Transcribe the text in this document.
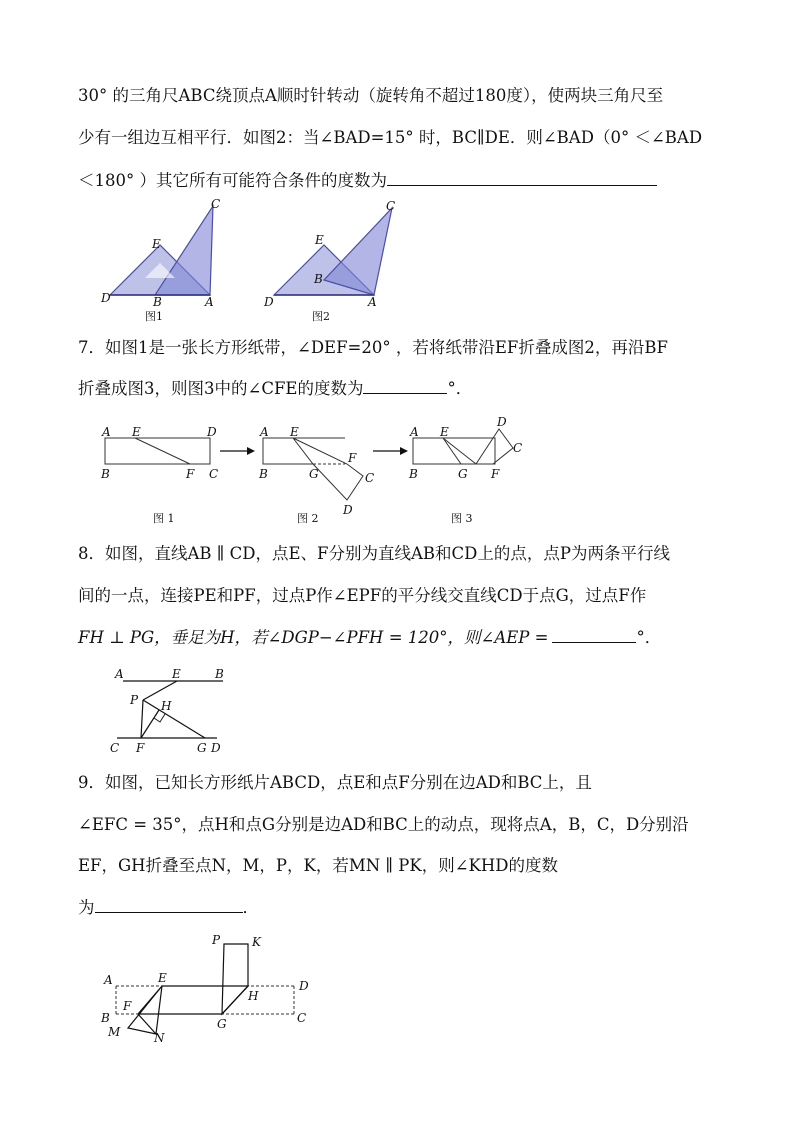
30° 的三角尺ABC绕顶点A顺时针转动（旋转角不超过180度），使两块三角尺至
少有一组边互相平行．如图2：当∠BAD=15° 时，BC∥DE．则∠BAD（0° ＜∠BAD
＜180° ）其它所有可能符合条件的度数为
D
E
B	A
C
图1
D
E
B
A
C
图2
7．如图1是一张长方形纸带，∠DEF=20° ，若将纸带沿EF折叠成图2，再沿BF
折叠成图3，则图3中的∠CFE的度数为	°．
A E	D
B	F C
图 1
A E
B	G
F
C
D
图 2
A E
B	G F
C
D
图 3
8．如图，直线AB ∥ CD，点E、F分别为直线AB和CD上的点，点P为两条平行线
间的一点，连接PE和PF，过点P作∠EPF的平分线交直线CD于点G，过点F作
FH ⊥ PG，垂足为H，若∠DGP−∠PFH = 120°，则∠AEP =	°．
A	E	B
P H
C F	G D
9．如图，已知长方形纸片ABCD，点E和点F分别在边AD和BC上，且
∠EFC = 35°，点H和点G分别是边AD和BC上的动点，现将点A，B，C，D分别沿
EF，GH折叠至点N，M，P，K，若MN ∥ PK，则∠KHD的度数
为	．
A	E
F
B
M	N
P	K
H
G
D
C
